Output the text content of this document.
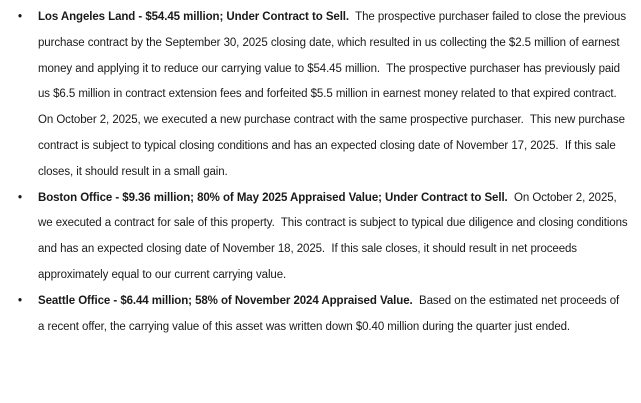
•	Los Angeles Land - $54.45 million; Under Contract to Sell.  The prospective purchaser failed to close the previous purchase contract by the September 30, 2025 closing date, which resulted in us collecting the $2.5 million of earnest money and applying it to reduce our carrying value to $54.45 million.  The prospective purchaser has previously paid us $6.5 million in contract extension fees and forfeited $5.5 million in earnest money related to that expired contract.  On October 2, 2025, we executed a new purchase contract with the same prospective purchaser.  This new purchase contract is subject to typical closing conditions and has an expected closing date of November 17, 2025.  If this sale closes, it should result in a small gain.

•	Boston Office - $9.36 million; 80% of May 2025 Appraised Value; Under Contract to Sell.  On October 2, 2025, we executed a contract for sale of this property.  This contract is subject to typical due diligence and closing conditions and has an expected closing date of November 18, 2025.  If this sale closes, it should result in net proceeds approximately equal to our current carrying value.

•	Seattle Office - $6.44 million; 58% of November 2024 Appraised Value.  Based on the estimated net proceeds of a recent offer, the carrying value of this asset was written down $0.40 million during the quarter just ended.
